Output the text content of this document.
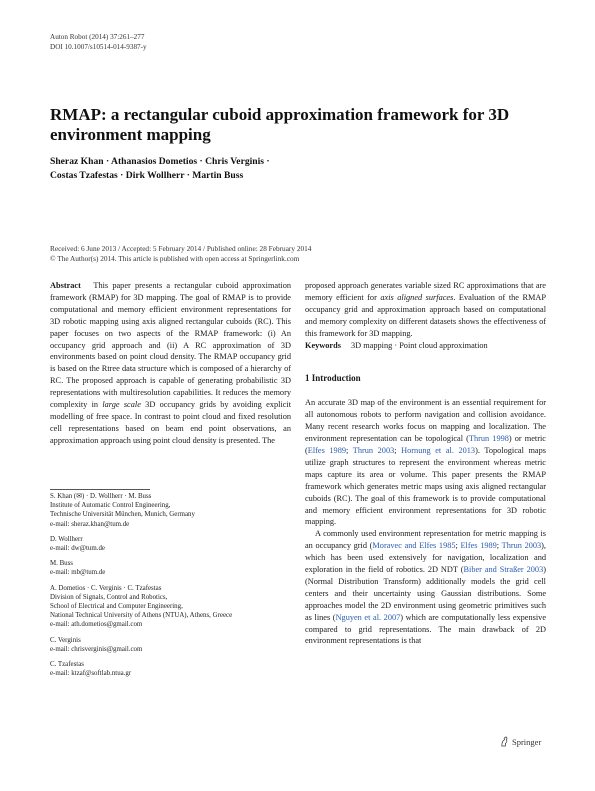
Auton Robot (2014) 37:261–277
DOI 10.1007/s10514-014-9387-y
RMAP: a rectangular cuboid approximation framework for 3D environment mapping
Sheraz Khan · Athanasios Dometios · Chris Verginis ·
Costas Tzafestas · Dirk Wollherr · Martin Buss
Received: 6 June 2013 / Accepted: 5 February 2014 / Published online: 28 February 2014
© The Author(s) 2014. This article is published with open access at Springerlink.com

Abstract This paper presents a rectangular cuboid approximation framework (RMAP) for 3D mapping. The goal of RMAP is to provide computational and memory efficient environment representations for 3D robotic mapping using axis aligned rectangular cuboids (RC). This paper focuses on two aspects of the RMAP framework: (i) An occupancy grid approach and (ii) A RC approximation of 3D environments based on point cloud density. The RMAP occupancy grid is based on the Rtree data structure which is composed of a hierarchy of RC. The proposed approach is capable of generating probabilistic 3D representations with multiresolution capabilities. It reduces the memory complexity in large scale 3D occupancy grids by avoiding explicit modelling of free space. In contrast to point cloud and fixed resolution cell representations based on beam end point observations, an approximation approach using point cloud density is presented. The

S. Khan (✉) · D. Wollherr · M. Buss
Institute of Automatic Control Engineering,
Technische Universität München, Munich, Germany
e-mail: sheraz.khan@tum.de
D. Wollherr
e-mail: dw@tum.de
M. Buss
e-mail: mb@tum.de
A. Dometios · C. Verginis · C. Tzafestas
Division of Signals, Control and Robotics,
School of Electrical and Computer Engineering,
National Technical University of Athens (NTUA), Athens, Greece
e-mail: ath.dometios@gmail.com
C. Verginis
e-mail: chrisverginis@gmail.com
C. Tzafestas
e-mail: ktzaf@softlab.ntua.gr

proposed approach generates variable sized RC approximations that are memory efficient for axis aligned surfaces. Evaluation of the RMAP occupancy grid and approximation approach based on computational and memory complexity on different datasets shows the effectiveness of this framework for 3D mapping.

Keywords 3D mapping · Point cloud approximation

1 Introduction

An accurate 3D map of the environment is an essential requirement for all autonomous robots to perform navigation and collision avoidance. Many recent research works focus on mapping and localization. The environment representation can be topological (Thrun 1998) or metric (Elfes 1989; Thrun 2003; Hornung et al. 2013). Topological maps utilize graph structures to represent the environment whereas metric maps capture its area or volume. This paper presents the RMAP framework which generates metric maps using axis aligned rectangular cuboids (RC). The goal of this framework is to provide computational and memory efficient environment representations for 3D robotic mapping.

A commonly used environment representation for metric mapping is an occupancy grid (Moravec and Elfes 1985; Elfes 1989; Thrun 2003), which has been used extensively for navigation, localization and exploration in the field of robotics. 2D NDT (Biber and Straßer 2003) (Normal Distribution Transform) additionally models the grid cell centers and their uncertainty using Gaussian distributions. Some approaches model the 2D environment using geometric primitives such as lines (Nguyen et al. 2007) which are computationally less expensive compared to grid representations. The main drawback of 2D environment representations is that

Springer
